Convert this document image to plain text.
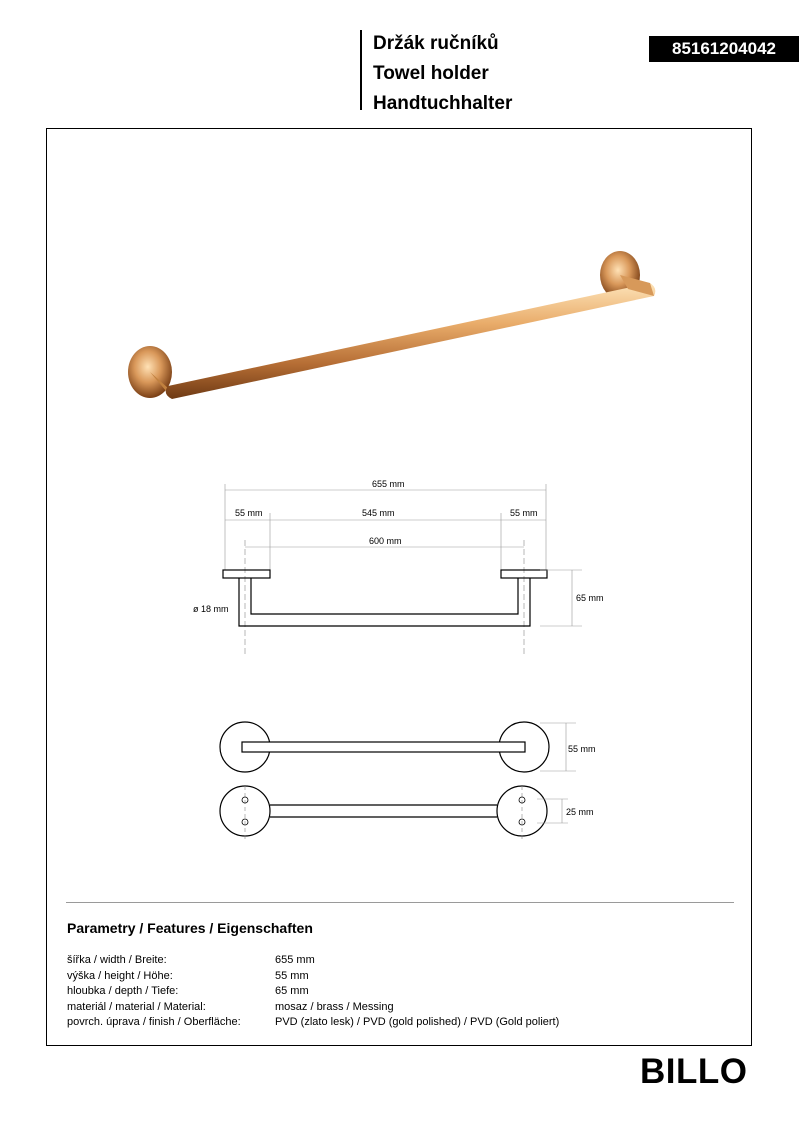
Držák ručníků
Towel holder
Handtuchhalter
85161204042
655 mm
55 mm	545 mm	55 mm
600 mm
ø 18 mm
65 mm
55 mm
25 mm
Parametry / Features / Eigenschaften
šířka / width / Breite:	655 mm
výška / height / Höhe:	55 mm
hloubka / depth / Tiefe:	65 mm
materiál / material / Material:	mosaz / brass / Messing
povrch. úprava / finish / Oberfläche:	PVD (zlato lesk) / PVD (gold polished) / PVD (Gold poliert)
BILLO
